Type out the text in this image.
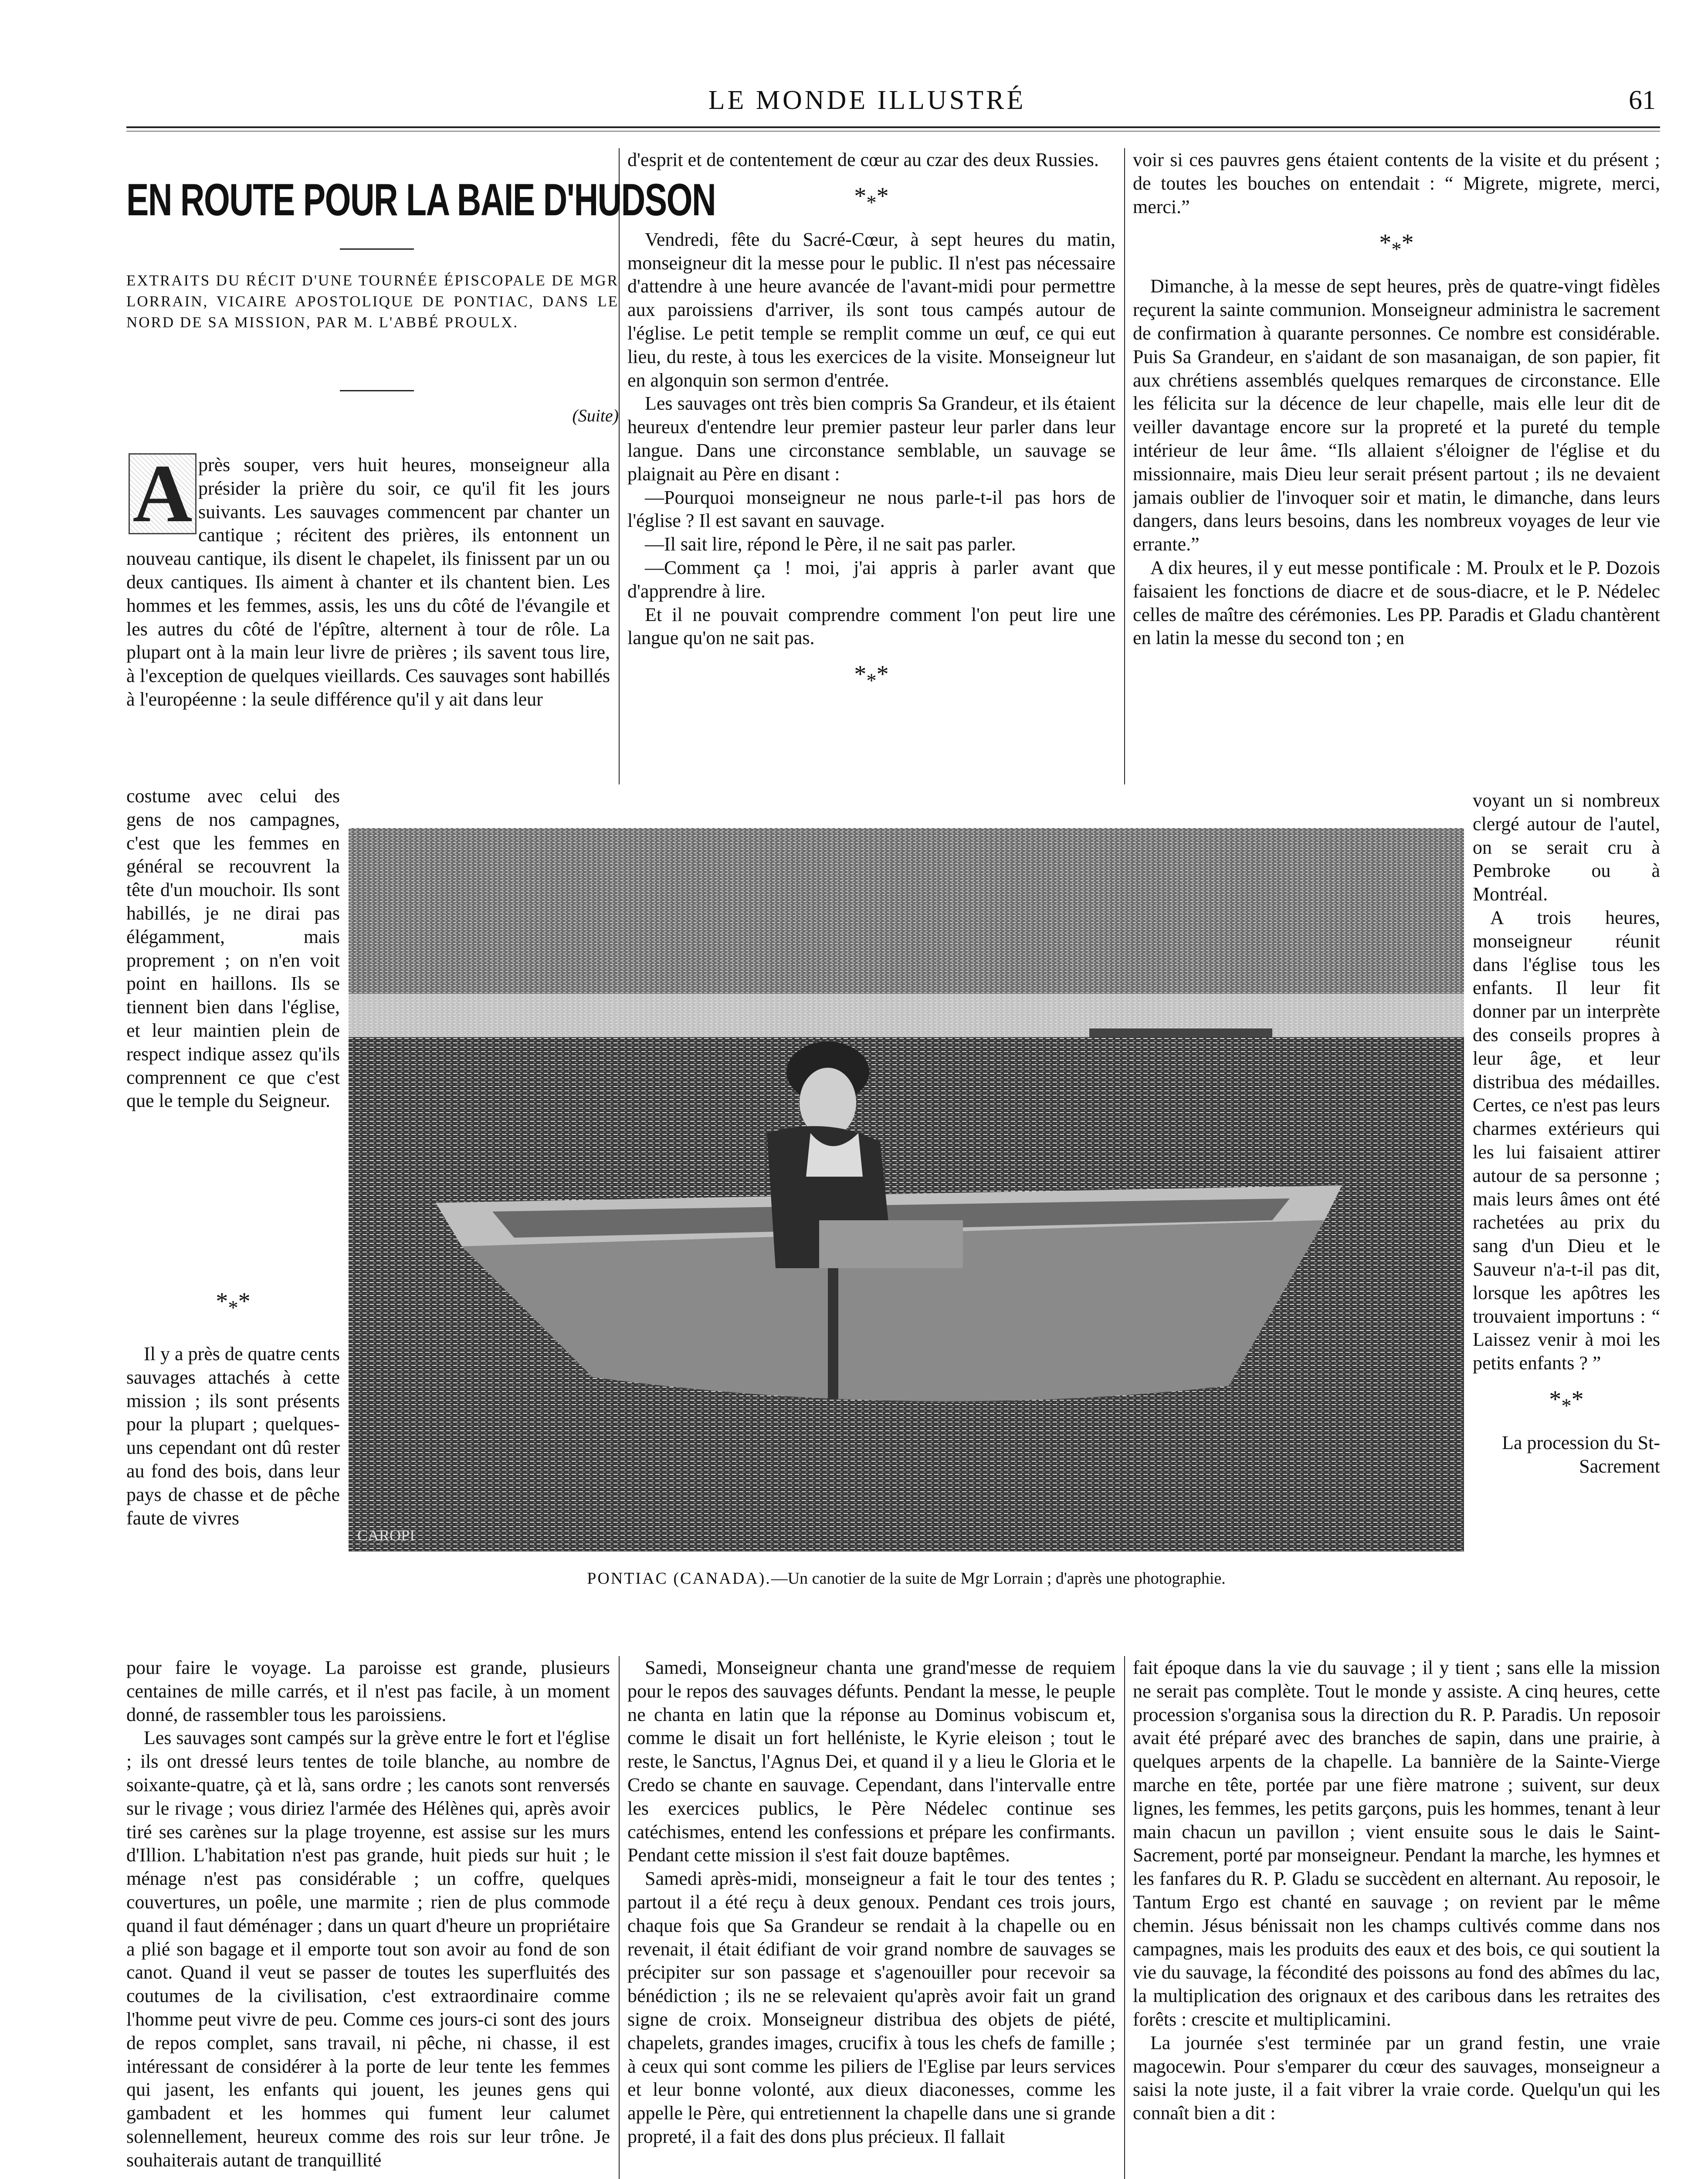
LE MONDE ILLUSTRÉ	61
EN ROUTE POUR LA BAIE D'HUDSON
EXTRAITS DU RÉCIT D'UNE TOURNÉE ÉPISCOPALE DE MGR LORRAIN, VICAIRE APOSTOLIQUE DE PONTIAC, DANS LE NORD DE SA MISSION, PAR M. L'ABBÉ PROULX.
(Suite)
A près souper, vers huit heures, monseigneur alla présider la prière du soir, ce qu'il fit les jours suivants. Les sauvages commencent par chanter un cantique ; récitent des prières, ils entonnent un nouveau cantique, ils disent le chapelet, ils finissent par un ou deux cantiques. Ils aiment à chanter et ils chantent bien. Les hommes et les femmes, assis, les uns du côté de l'évangile et les autres du côté de l'épître, alternent à tour de rôle. La plupart ont à la main leur livre de prières ; ils savent tous lire, à l'exception de quelques vieillards. Ces sauvages sont habillés à l'européenne : la seule différence qu'il y ait dans leur

costume avec celui des gens de nos campagnes, c'est que les femmes en général se recouvrent la tête d'un mouchoir. Ils sont habillés, je ne dirai pas élégamment, mais proprement ; on n'en voit point en haillons. Ils se tiennent bien dans l'église, et leur maintien plein de respect indique assez qu'ils comprennent ce que c'est que le temple du Seigneur.

$*_**$

Il y a près de quatre cents sauvages attachés à cette mission ; ils sont présents pour la plupart ; quelques-uns cependant ont dû rester au fond des bois, dans leur pays de chasse et de pêche faute de vivres

pour faire le voyage. La paroisse est grande, plusieurs centaines de mille carrés, et il n'est pas facile, à un moment donné, de rassembler tous les paroissiens.

Les sauvages sont campés sur la grève entre le fort et l'église ; ils ont dressé leurs tentes de toile blanche, au nombre de soixante-quatre, çà et là, sans ordre ; les canots sont renversés sur le rivage ; vous diriez l'armée des Hélènes qui, après avoir tiré ses carènes sur la plage troyenne, est assise sur les murs d'Illion. L'habitation n'est pas grande, huit pieds sur huit ; le ménage n'est pas considérable ; un coffre, quelques couvertures, un poêle, une marmite ; rien de plus commode quand il faut déménager ; dans un quart d'heure un propriétaire a plié son bagage et il emporte tout son avoir au fond de son canot. Quand il veut se passer de toutes les superfluités des coutumes de la civilisation, c'est extraordinaire comme l'homme peut vivre de peu. Comme ces jours-ci sont des jours de repos complet, sans travail, ni pêche, ni chasse, il est intéressant de considérer à la porte de leur tente les femmes qui jasent, les enfants qui jouent, les jeunes gens qui gambadent et les hommes qui fument leur calumet solennellement, heureux comme des rois sur leur trône. Je souhaiterais autant de tranquillité

d'esprit et de contentement de cœur au czar des deux Russies.

$*_**$

Vendredi, fête du Sacré-Cœur, à sept heures du matin, monseigneur dit la messe pour le public. Il n'est pas nécessaire d'attendre à une heure avancée de l'avant-midi pour permettre aux paroissiens d'arriver, ils sont tous campés autour de l'église. Le petit temple se remplit comme un œuf, ce qui eut lieu, du reste, à tous les exercices de la visite. Monseigneur lut en algonquin son sermon d'entrée.

Les sauvages ont très bien compris Sa Grandeur, et ils étaient heureux d'entendre leur premier pasteur leur parler dans leur langue. Dans une circonstance semblable, un sauvage se plaignait au Père en disant :

—Pourquoi monseigneur ne nous parle-t-il pas hors de l'église ? Il est savant en sauvage.

—Il sait lire, répond le Père, il ne sait pas parler.

—Comment ça ! moi, j'ai appris à parler avant que d'apprendre à lire.

Et il ne pouvait comprendre comment l'on peut lire une langue qu'on ne sait pas.

$*_**$

Samedi, Monseigneur chanta une grand'messe de requiem pour le repos des sauvages défunts. Pendant la messe, le peuple ne chanta en latin que la réponse au Dominus vobiscum et, comme le disait un fort helléniste, le Kyrie eleison ; tout le reste, le Sanctus, l'Agnus Dei, et quand il y a lieu le Gloria et le Credo se chante en sauvage. Cependant, dans l'intervalle entre les exercices publics, le Père Nédelec continue ses catéchismes, entend les confessions et prépare les confirmants. Pendant cette mission il s'est fait douze baptêmes.

Samedi après-midi, monseigneur a fait le tour des tentes ; partout il a été reçu à deux genoux. Pendant ces trois jours, chaque fois que Sa Grandeur se rendait à la chapelle ou en revenait, il était édifiant de voir grand nombre de sauvages se précipiter sur son passage et s'agenouiller pour recevoir sa bénédiction ; ils ne se relevaient qu'après avoir fait un grand signe de croix. Monseigneur distribua des objets de piété, chapelets, grandes images, crucifix à tous les chefs de famille ; à ceux qui sont comme les piliers de l'Eglise par leurs services et leur bonne volonté, aux dieux diaconesses, comme les appelle le Père, qui entretiennent la chapelle dans une si grande propreté, il a fait des dons plus précieux. Il fallait

voir si ces pauvres gens étaient contents de la visite et du présent ; de toutes les bouches on entendait : “ Migrete, migrete, merci, merci.”

$*_**$

Dimanche, à la messe de sept heures, près de quatre-vingt fidèles reçurent la sainte communion. Monseigneur administra le sacrement de confirmation à quarante personnes. Ce nombre est considérable. Puis Sa Grandeur, en s'aidant de son masanaigan, de son papier, fit aux chrétiens assemblés quelques remarques de circonstance. Elle les félicita sur la décence de leur chapelle, mais elle leur dit de veiller davantage encore sur la propreté et la pureté du temple intérieur de leur âme. “Ils allaient s'éloigner de l'église et du missionnaire, mais Dieu leur serait présent partout ; ils ne devaient jamais oublier de l'invoquer soir et matin, le dimanche, dans leurs dangers, dans leurs besoins, dans les nombreux voyages de leur vie errante.”

A dix heures, il y eut messe pontificale : M. Proulx et le P. Dozois faisaient les fonctions de diacre et de sous-diacre, et le P. Nédelec celles de maître des cérémonies. Les PP. Paradis et Gladu chantèrent en latin la messe du second ton ; en

voyant un si nombreux clergé autour de l'autel, on se serait cru à Pembroke ou à Montréal.

A trois heures, monseigneur réunit dans l'église tous les enfants. Il leur fit donner par un interprète des conseils propres à leur âge, et leur distribua des médailles. Certes, ce n'est pas leurs charmes extérieurs qui les lui faisaient attirer autour de sa personne ; mais leurs âmes ont été rachetées au prix du sang d'un Dieu et le Sauveur n'a-t-il pas dit, lorsque les apôtres les trouvaient importuns : “ Laissez venir à moi les petits enfants ? ”

$*_**$

La procession du St-Sacrement

fait époque dans la vie du sauvage ; il y tient ; sans elle la mission ne serait pas complète. Tout le monde y assiste. A cinq heures, cette procession s'organisa sous la direction du R. P. Paradis. Un reposoir avait été préparé avec des branches de sapin, dans une prairie, à quelques arpents de la chapelle. La bannière de la Sainte-Vierge marche en tête, portée par une fière matrone ; suivent, sur deux lignes, les femmes, les petits garçons, puis les hommes, tenant à leur main chacun un pavillon ; vient ensuite sous le dais le Saint-Sacrement, porté par monseigneur. Pendant la marche, les hymnes et les fanfares du R. P. Gladu se succèdent en alternant. Au reposoir, le Tantum Ergo est chanté en sauvage ; on revient par le même chemin. Jésus bénissait non les champs cultivés comme dans nos campagnes, mais les produits des eaux et des bois, ce qui soutient la vie du sauvage, la fécondité des poissons au fond des abîmes du lac, la multiplication des orignaux et des caribous dans les retraites des forêts : crescite et multiplicamini.

La journée s'est terminée par un grand festin, une vraie magocewin. Pour s'emparer du cœur des sauvages, monseigneur a saisi la note juste, il a fait vibrer la vraie corde. Quelqu'un qui les connaît bien a dit :

CAROPI
PONTIAC (CANADA).—Un canotier de la suite de Mgr Lorrain ; d'après une photographie.
